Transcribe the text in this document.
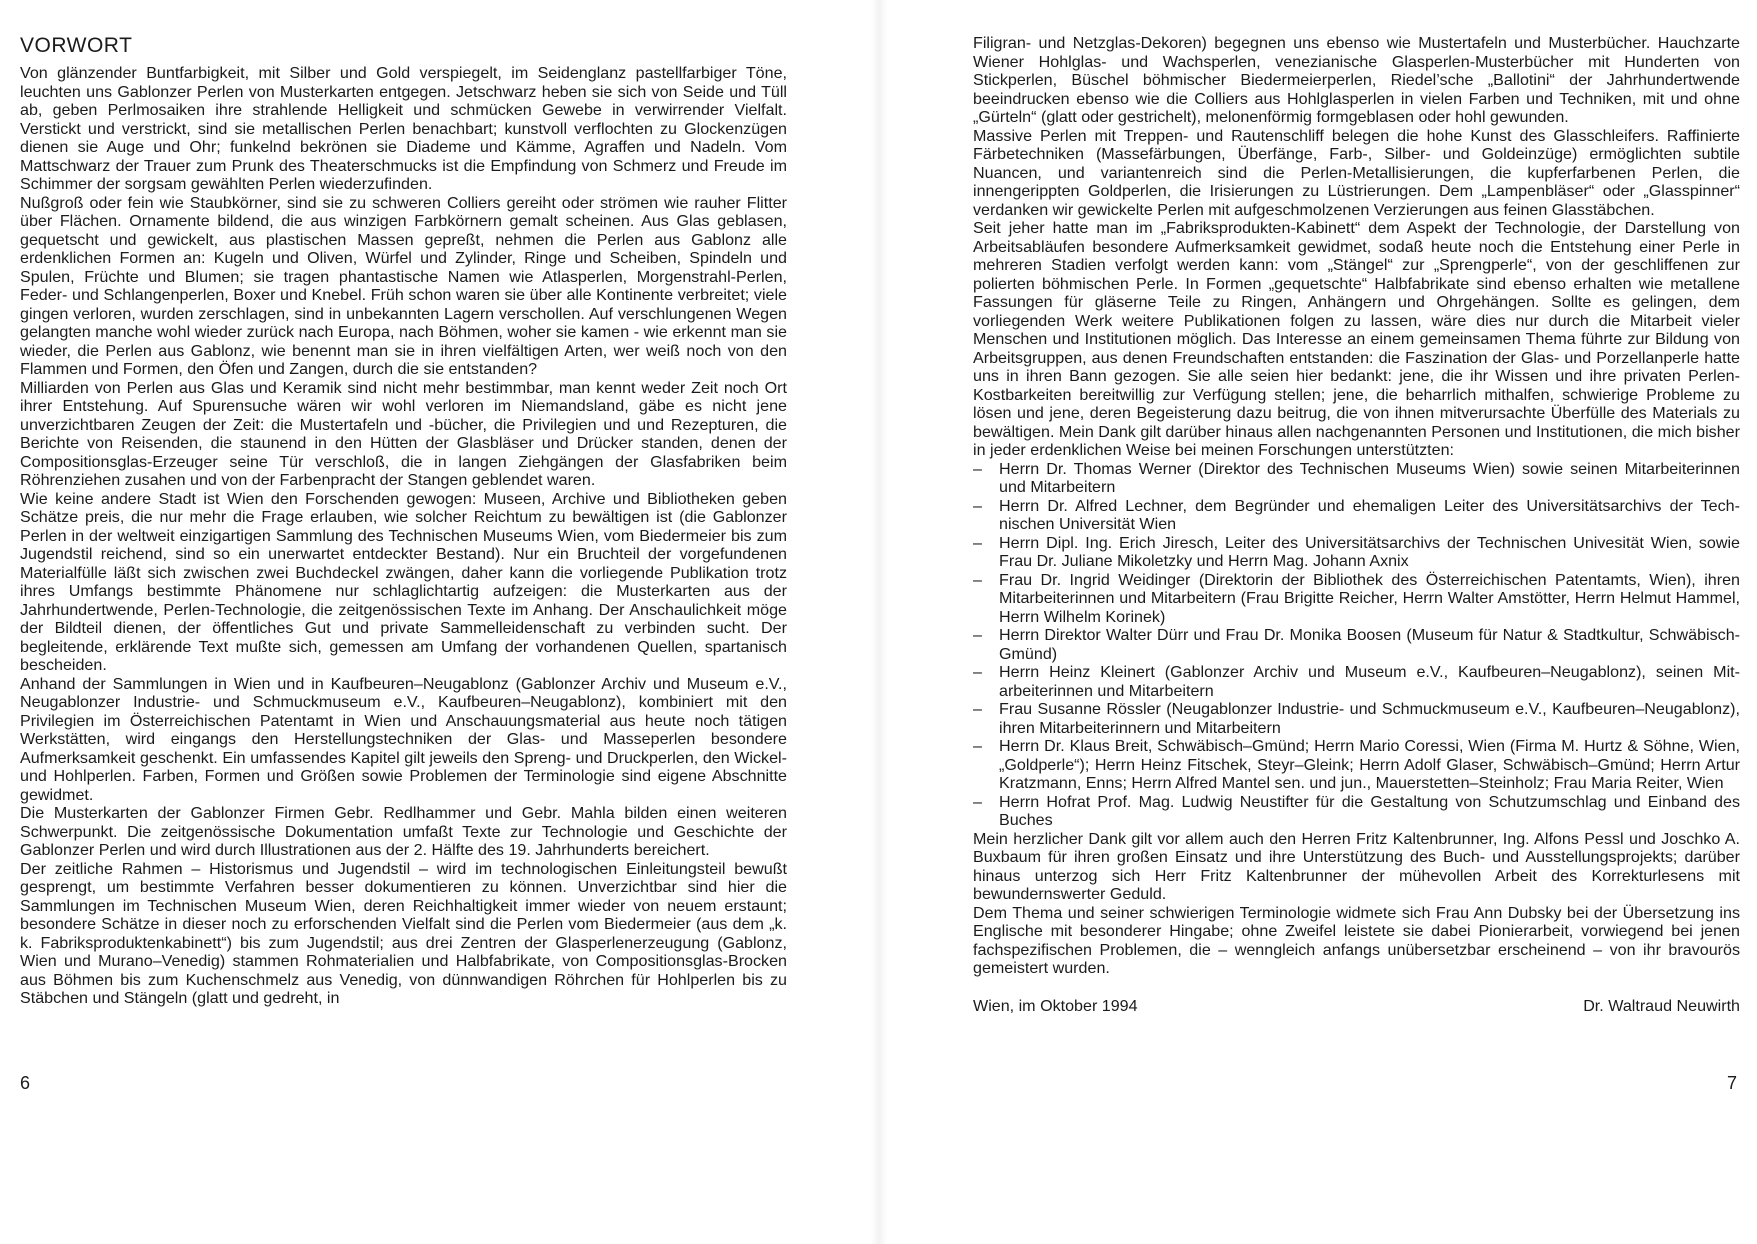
VORWORT

Von glänzender Buntfarbigkeit, mit Silber und Gold verspiegelt, im Seidenglanz pastellfarbiger Töne, leuchten uns Gablonzer Perlen von Musterkarten entgegen. Jetschwarz heben sie sich von Seide und Tüll ab, geben Perlmosaiken ihre strahlende Helligkeit und schmücken Gewebe in verwirrender Vielfalt. Verstickt und verstrickt, sind sie metallischen Perlen benachbart; kunstvoll verflochten zu Glockenzügen dienen sie Auge und Ohr; funkelnd bekrönen sie Diademe und Kämme, Agraffen und Nadeln. Vom Mattschwarz der Trauer zum Prunk des Theaterschmucks ist die Empfindung von Schmerz und Freude im Schimmer der sorgsam gewählten Perlen wiederzufinden.

Nußgroß oder fein wie Staubkörner, sind sie zu schweren Colliers gereiht oder strömen wie rauher Flitter über Flächen. Ornamente bildend, die aus winzigen Farbkörnern gemalt scheinen. Aus Glas geblasen, gequetscht und gewickelt, aus plastischen Massen gepreßt, nehmen die Perlen aus Gablonz alle erdenklichen Formen an: Kugeln und Oliven, Würfel und Zylinder, Ringe und Scheiben, Spindeln und Spulen, Früchte und Blumen; sie tragen phantastische Namen wie Atlasperlen, Morgenstrahl-Perlen, Feder- und Schlangenperlen, Boxer und Knebel. Früh schon waren sie über alle Kontinente verbreitet; viele gingen verloren, wurden zerschlagen, sind in unbekannten Lagern verschollen. Auf verschlungenen Wegen gelangten manche wohl wieder zurück nach Europa, nach Böhmen, woher sie kamen - wie erkennt man sie wieder, die Perlen aus Gablonz, wie benennt man sie in ihren vielfältigen Arten, wer weiß noch von den Flammen und Formen, den Öfen und Zangen, durch die sie entstanden?

Milliarden von Perlen aus Glas und Keramik sind nicht mehr bestimmbar, man kennt weder Zeit noch Ort ihrer Entstehung. Auf Spurensuche wären wir wohl verloren im Niemandsland, gäbe es nicht jene unverzichtbaren Zeugen der Zeit: die Mustertafeln und -bücher, die Privilegien und und Rezepturen, die Berichte von Reisenden, die staunend in den Hütten der Glasbläser und Drücker standen, denen der Compositionsglas-Erzeuger seine Tür verschloß, die in langen Ziehgängen der Glasfabriken beim Röhrenziehen zusahen und von der Farbenpracht der Stangen geblendet waren.

Wie keine andere Stadt ist Wien den Forschenden gewogen: Museen, Archive und Bibliotheken geben Schätze preis, die nur mehr die Frage erlauben, wie solcher Reichtum zu bewältigen ist (die Gablonzer Perlen in der weltweit einzigartigen Sammlung des Technischen Museums Wien, vom Biedermeier bis zum Jugendstil reichend, sind so ein unerwartet entdeckter Bestand). Nur ein Bruchteil der vorgefundenen Materialfülle läßt sich zwischen zwei Buchdeckel zwängen, daher kann die vorliegende Publikation trotz ihres Umfangs bestimmte Phänomene nur schlaglichtartig aufzeigen: die Musterkarten aus der Jahrhundertwende, Perlen-Technologie, die zeitgenössischen Texte im Anhang. Der Anschaulichkeit möge der Bildteil dienen, der öffentliches Gut und private Sammelleidenschaft zu verbinden sucht. Der begleitende, erklärende Text mußte sich, gemessen am Umfang der vorhandenen Quellen, spartanisch bescheiden.

Anhand der Sammlungen in Wien und in Kaufbeuren–Neugablonz (Gablonzer Archiv und Museum e.V., Neugablonzer Industrie- und Schmuckmuseum e.V., Kaufbeuren–Neugablonz), kombiniert mit den Privilegien im Österreichischen Patentamt in Wien und Anschauungsmaterial aus heute noch tätigen Werkstätten, wird eingangs den Herstellungstechniken der Glas- und Masseperlen besondere Aufmerksamkeit geschenkt. Ein umfassendes Kapitel gilt jeweils den Spreng- und Druckperlen, den Wickel- und Hohlperlen. Farben, Formen und Größen sowie Problemen der Terminologie sind eigene Abschnitte gewidmet.

Die Musterkarten der Gablonzer Firmen Gebr. Redlhammer und Gebr. Mahla bilden einen weiteren Schwerpunkt. Die zeitgenössische Dokumentation umfaßt Texte zur Technologie und Geschichte der Gablonzer Perlen und wird durch Illustrationen aus der 2. Hälfte des 19. Jahrhunderts bereichert.

Der zeitliche Rahmen – Historismus und Jugendstil – wird im technologischen Einleitungsteil bewußt gesprengt, um bestimmte Verfahren besser dokumentieren zu können. Unverzichtbar sind hier die Sammlungen im Technischen Museum Wien, deren Reichhaltigkeit immer wieder von neuem erstaunt; besondere Schätze in dieser noch zu erforschenden Vielfalt sind die Perlen vom Biedermeier (aus dem „k. k. Fabriksproduktenkabinett“) bis zum Jugendstil; aus drei Zentren der Glasperlenerzeugung (Gablonz, Wien und Murano–Venedig) stammen Rohmaterialien und Halbfabrikate, von Compositionsglas-Brocken aus Böhmen bis zum Kuchenschmelz aus Venedig, von dünnwandigen Röhrchen für Hohlperlen bis zu Stäbchen und Stängeln (glatt und gedreht, in

6

Filigran- und Netzglas-Dekoren) begegnen uns ebenso wie Mustertafeln und Musterbücher. Hauchzarte Wiener Hohlglas- und Wachsperlen, venezianische Glasperlen-Musterbücher mit Hunderten von Stickperlen, Büschel böhmischer Biedermeierperlen, Riedel’sche „Ballotini“ der Jahrhundertwende beeindrucken ebenso wie die Colliers aus Hohlglasperlen in vielen Farben und Techniken, mit und ohne „Gürteln“ (glatt oder gestrichelt), melonenförmig formgeblasen oder hohl gewunden.

Massive Perlen mit Treppen- und Rautenschliff belegen die hohe Kunst des Glasschleifers. Raffinierte Färbetechniken (Massefärbungen, Überfänge, Farb-, Silber- und Goldeinzüge) ermöglichten subtile Nuancen, und variantenreich sind die Perlen-Metallisierungen, die kupferfarbenen Perlen, die innengerippten Goldperlen, die Irisierungen zu Lüstrierungen. Dem „Lampenbläser“ oder „Glasspinner“ verdanken wir gewickelte Perlen mit aufgeschmolzenen Verzierungen aus feinen Glasstäbchen.

Seit jeher hatte man im „Fabriksprodukten-Kabinett“ dem Aspekt der Technologie, der Darstellung von Arbeitsabläufen besondere Aufmerksamkeit gewidmet, sodaß heute noch die Entstehung einer Perle in mehreren Stadien verfolgt werden kann: vom „Stängel“ zur „Sprengperle“, von der geschliffenen zur polierten böhmischen Perle. In Formen „gequetschte“ Halbfabrikate sind ebenso erhalten wie metallene Fassungen für gläserne Teile zu Ringen, Anhängern und Ohrgehängen. Sollte es gelingen, dem vorliegenden Werk weitere Publikationen folgen zu lassen, wäre dies nur durch die Mitarbeit vieler Menschen und Institutionen möglich. Das Interesse an einem gemeinsamen Thema führte zur Bildung von Arbeitsgruppen, aus denen Freundschaften entstanden: die Faszination der Glas- und Porzellanperle hatte uns in ihren Bann gezogen. Sie alle seien hier bedankt: jene, die ihr Wissen und ihre privaten Perlen-Kostbarkeiten bereitwillig zur Verfügung stellen; jene, die beharrlich mithalfen, schwierige Probleme zu lösen und jene, deren Begeisterung dazu beitrug, die von ihnen mitverursachte Überfülle des Materials zu bewältigen. Mein Dank gilt darüber hinaus allen nachgenannten Personen und Institutionen, die mich bisher in jeder erdenklichen Weise bei meinen Forschungen unterstützten:

– Herrn Dr. Thomas Werner (Direktor des Technischen Museums Wien) sowie seinen Mitarbeiterinnen und Mitarbeitern
– Herrn Dr. Alfred Lechner, dem Begründer und ehemaligen Leiter des Universitätsarchivs der Technischen Universität Wien
– Herrn Dipl. Ing. Erich Jiresch, Leiter des Universitätsarchivs der Technischen Univesität Wien, sowie Frau Dr. Juliane Mikoletzky und Herrn Mag. Johann Axnix
– Frau Dr. Ingrid Weidinger (Direktorin der Bibliothek des Österreichischen Patentamts, Wien), ihren Mitarbeiterinnen und Mitarbeitern (Frau Brigitte Reicher, Herrn Walter Amstötter, Herrn Helmut Hammel, Herrn Wilhelm Korinek)
– Herrn Direktor Walter Dürr und Frau Dr. Monika Boosen (Museum für Natur & Stadtkultur, Schwäbisch-Gmünd)
– Herrn Heinz Kleinert (Gablonzer Archiv und Museum e.V., Kaufbeuren–Neugablonz), seinen Mitarbeiterinnen und Mitarbeitern
– Frau Susanne Rössler (Neugablonzer Industrie- und Schmuckmuseum e.V., Kaufbeuren–Neugablonz), ihren Mitarbeiterinnern und Mitarbeitern
– Herrn Dr. Klaus Breit, Schwäbisch–Gmünd; Herrn Mario Coressi, Wien (Firma M. Hurtz & Söhne, Wien, „Goldperle“); Herrn Heinz Fitschek, Steyr–Gleink; Herrn Adolf Glaser, Schwäbisch–Gmünd; Herrn Artur Kratzmann, Enns; Herrn Alfred Mantel sen. und jun., Mauerstetten–Steinholz; Frau Maria Reiter, Wien
– Herrn Hofrat Prof. Mag. Ludwig Neustifter für die Gestaltung von Schutzumschlag und Einband des Buches

Mein herzlicher Dank gilt vor allem auch den Herren Fritz Kaltenbrunner, Ing. Alfons Pessl und Joschko A. Buxbaum für ihren großen Einsatz und ihre Unterstützung des Buch- und Ausstellungsprojekts; darüber hinaus unterzog sich Herr Fritz Kaltenbrunner der mühevollen Arbeit des Korrekturlesens mit bewundernswerter Geduld.

Dem Thema und seiner schwierigen Terminologie widmete sich Frau Ann Dubsky bei der Übersetzung ins Englische mit besonderer Hingabe; ohne Zweifel leistete sie dabei Pionierarbeit, vorwiegend bei jenen fachspezifischen Problemen, die – wenngleich anfangs unübersetzbar erscheinend – von ihr bravourös gemeistert wurden.

Wien, im Oktober 1994	Dr. Waltraud Neuwirth
7
